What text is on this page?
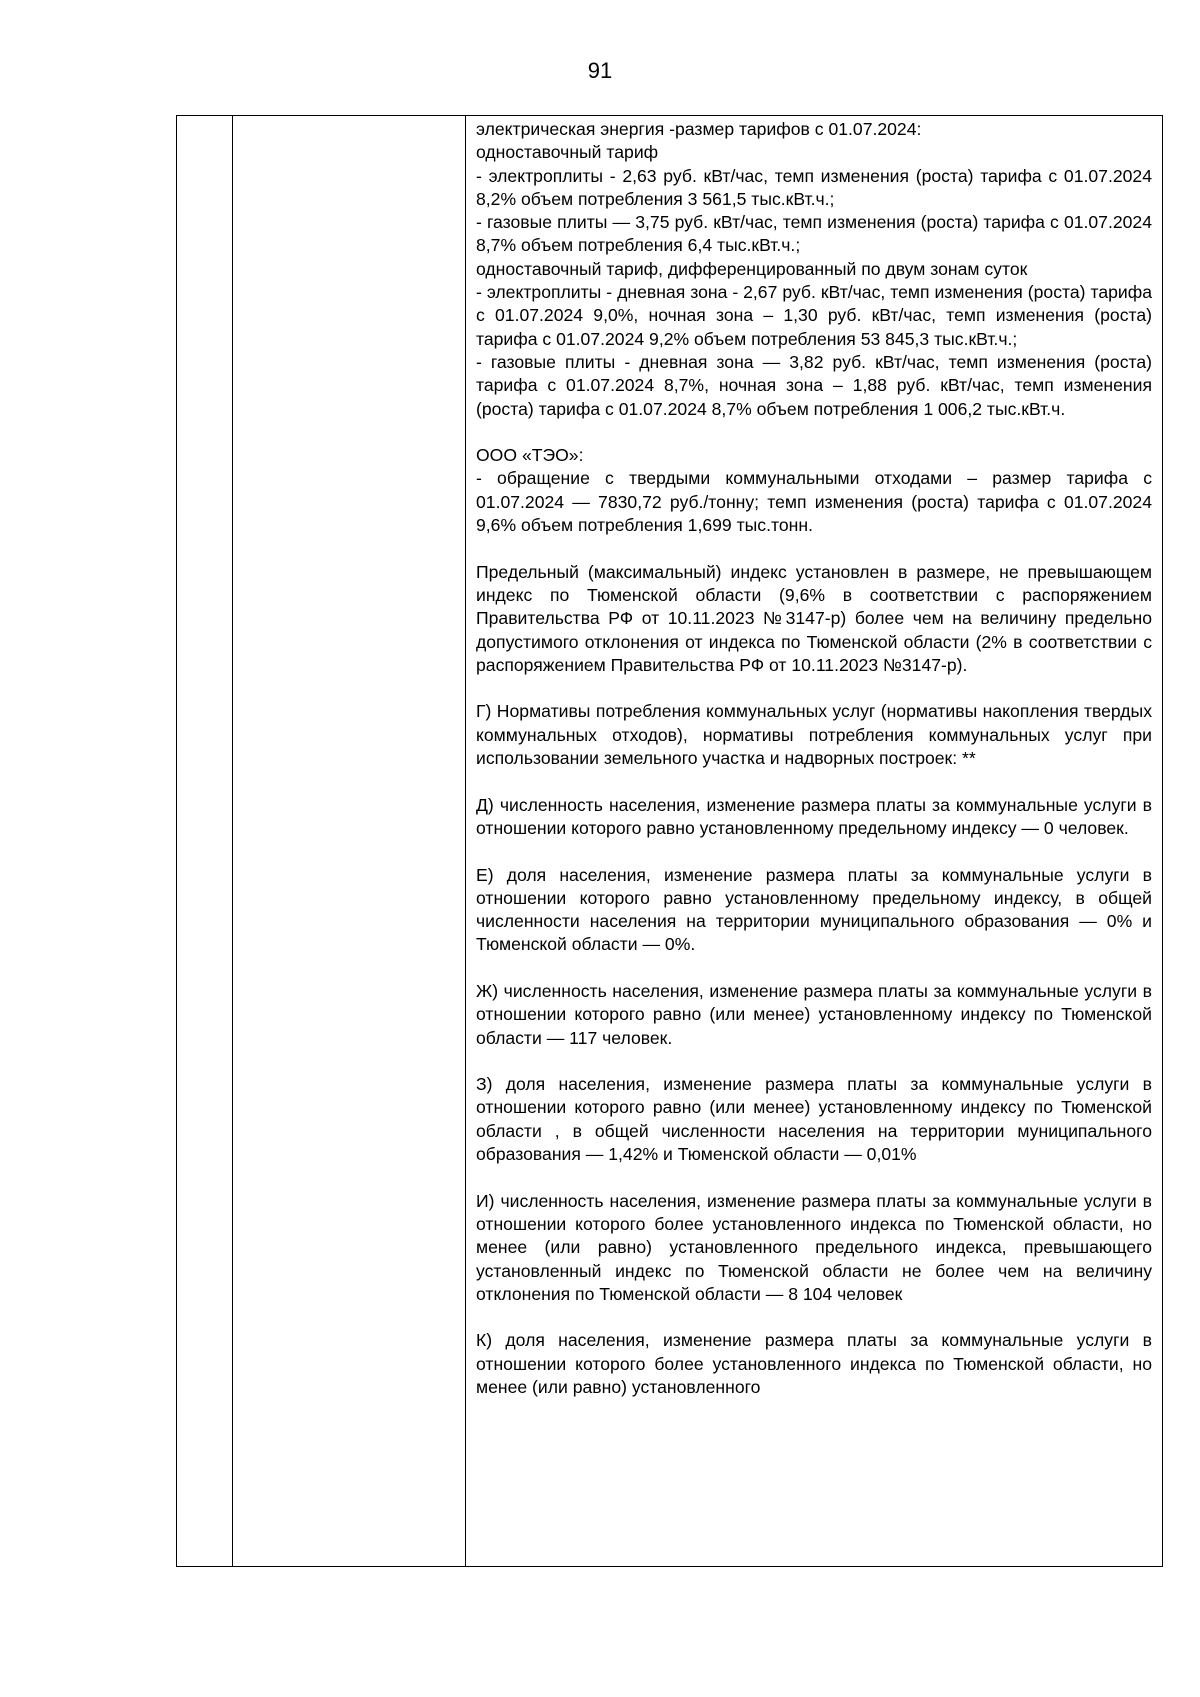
91

электрическая энергия -размер тарифов с 01.07.2024:
одноставочный тариф
- электроплиты - 2,63 руб. кВт/час, темп изменения (роста) тарифа с 01.07.2024 8,2% объем потребления 3 561,5 тыс.кВт.ч.;
- газовые плиты — 3,75 руб. кВт/час, темп изменения (роста) тарифа с 01.07.2024 8,7% объем потребления 6,4 тыс.кВт.ч.;
одноставочный тариф, дифференцированный по двум зонам суток
- электроплиты - дневная зона - 2,67 руб. кВт/час, темп изменения (роста) тарифа с 01.07.2024 9,0%, ночная зона – 1,30 руб. кВт/час, темп изменения (роста) тарифа с 01.07.2024 9,2% объем потребления 53 845,3 тыс.кВт.ч.;
- газовые плиты - дневная зона — 3,82 руб. кВт/час, темп изменения (роста) тарифа с 01.07.2024 8,7%, ночная зона – 1,88 руб. кВт/час, темп изменения (роста) тарифа с 01.07.2024 8,7% объем потребления 1 006,2 тыс.кВт.ч.
ООО «ТЭО»:
- обращение с твердыми коммунальными отходами – размер тарифа с 01.07.2024 — 7830,72 руб./тонну; темп изменения (роста) тарифа с 01.07.2024 9,6% объем потребления 1,699 тыс.тонн.
Предельный (максимальный) индекс установлен в размере, не превышающем индекс по Тюменской области (9,6% в соответствии с распоряжением Правительства РФ от 10.11.2023 №3147-р) более чем на величину предельно допустимого отклонения от индекса по Тюменской области (2% в соответствии с распоряжением Правительства РФ от 10.11.2023 №3147-р).
Г) Нормативы потребления коммунальных услуг (нормативы накопления твердых коммунальных отходов), нормативы потребления коммунальных услуг при использовании земельного участка и надворных построек: **
Д) численность населения, изменение размера платы за коммунальные услуги в отношении которого равно установленному предельному индексу — 0 человек.
Е) доля населения, изменение размера платы за коммунальные услуги в отношении которого равно установленному предельному индексу, в общей численности населения на территории муниципального образования — 0% и Тюменской области — 0%.
Ж) численность населения, изменение размера платы за коммунальные услуги в отношении которого равно (или менее) установленному индексу по Тюменской области — 117 человек.
З) доля населения, изменение размера платы за коммунальные услуги в отношении которого равно (или менее) установленному индексу по Тюменской области , в общей численности населения на территории муниципального образования — 1,42% и Тюменской области — 0,01%
И) численность населения, изменение размера платы за коммунальные услуги в отношении которого более установленного индекса по Тюменской области, но менее (или равно) установленного предельного индекса, превышающего установленный индекс по Тюменской области не более чем на величину отклонения по Тюменской области — 8 104 человек
К) доля населения, изменение размера платы за коммунальные услуги в отношении которого более установленного индекса по Тюменской области, но менее (или равно) установленного
